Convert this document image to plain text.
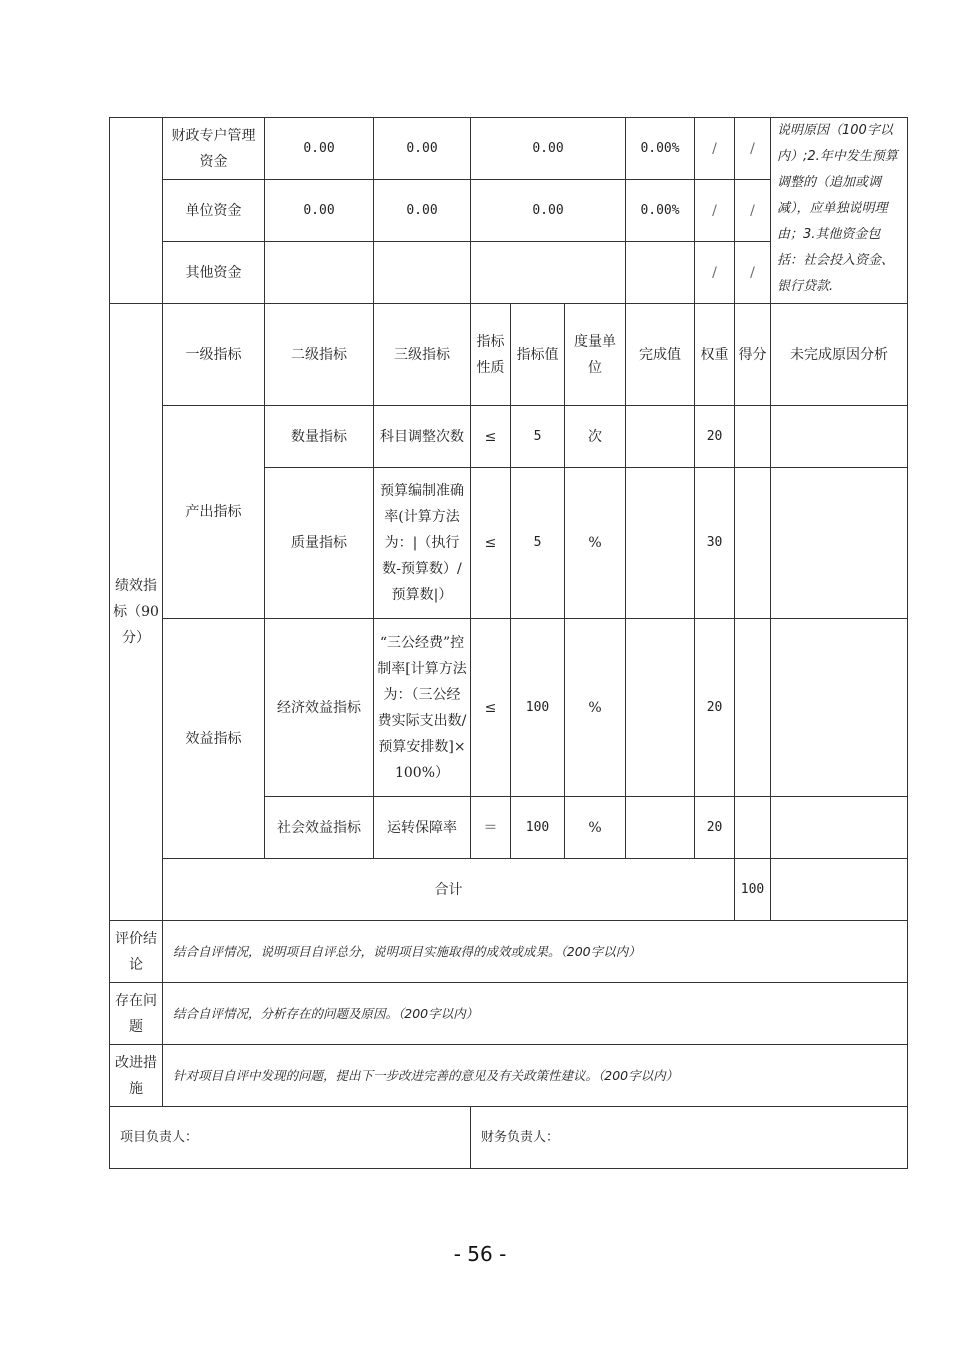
	财政专户管理资金	0.00	0.00	0.00			0.00%	/	/	说明原因（100字以内）;2.年中发生预算调整的（追加或调减），应单独说明理由；3.其他资金包括：社会投入资金、银行贷款.	
	单位资金	0.00	0.00	0.00			0.00%	/	/		
	其他资金							/	/		
绩效指标（90分）	一级指标	二级指标	三级指标	指标性质	指标值	度量单位	完成值	权重	得分	未完成原因分析	
	产出指标	数量指标	科目调整次数	≤	5	次		20			
		质量指标	预算编制准确率(计算方法为：|（执行数-预算数）/预算数|）	≤	5	%		30			
	效益指标	经济效益指标	“三公经费”控制率[计算方法为：（三公经费实际支出数/预算安排数]×100%）	≤	100	%		20			
		社会效益指标	运转保障率	＝	100	%		20			
	合计								100		
评价结论	结合自评情况，说明项目自评总分，说明项目实施取得的成效或成果。（200字以内）										
存在问题	结合自评情况，分析存在的问题及原因。（200字以内）										
改进措施	针对项目自评中发现的问题，提出下一步改进完善的意见及有关政策性建议。（200字以内）										
项目负责人：				财务负责人：							
- 56 -
